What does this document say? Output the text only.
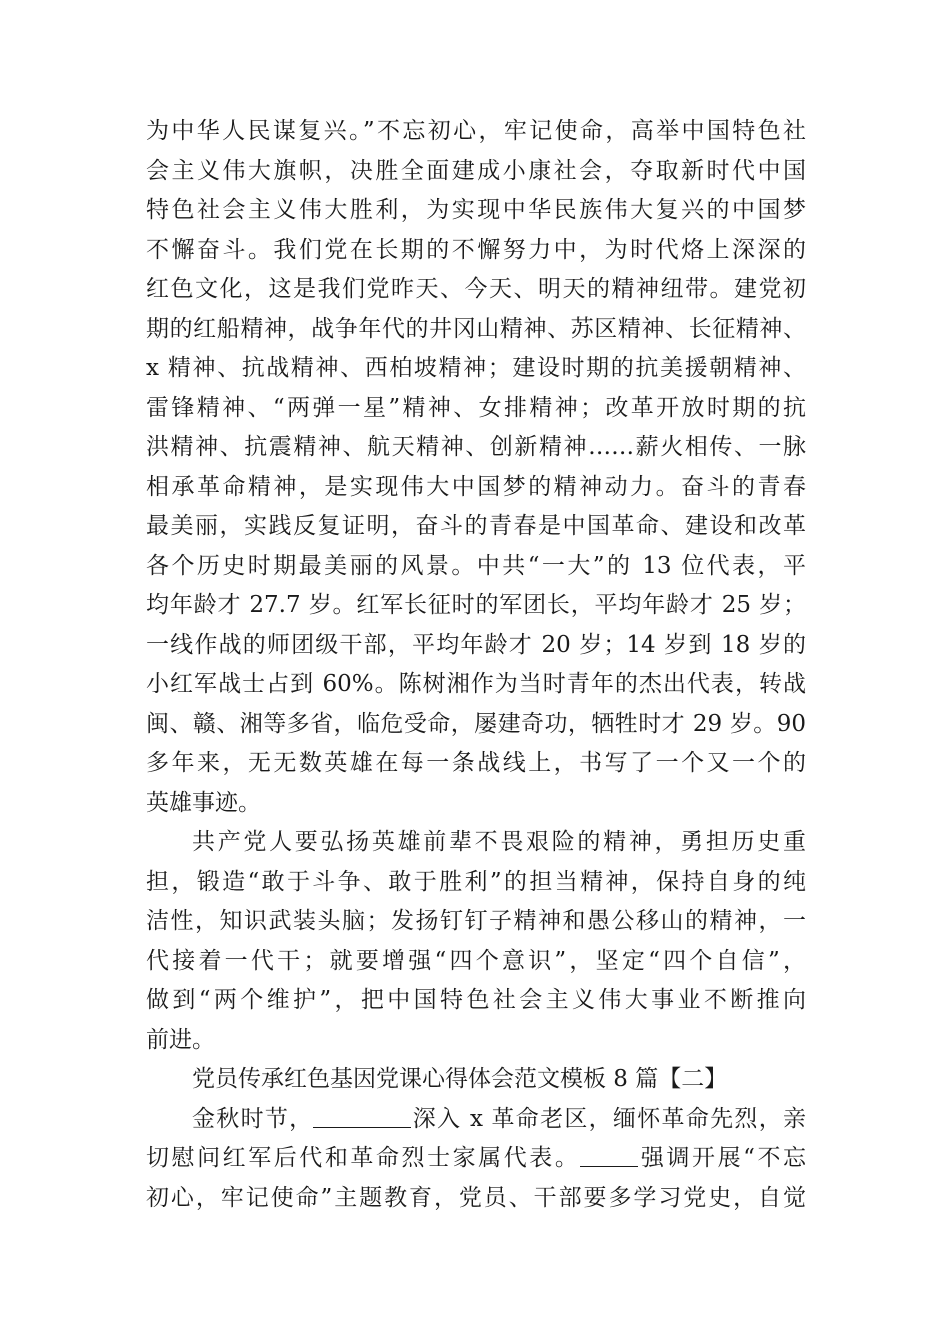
为中华人民谋复兴。”不忘初心，牢记使命，高举中国特色社
会主义伟大旗帜，决胜全面建成小康社会，夺取新时代中国
特色社会主义伟大胜利，为实现中华民族伟大复兴的中国梦
不懈奋斗。我们党在长期的不懈努力中，为时代烙上深深的
红色文化，这是我们党昨天、今天、明天的精神纽带。建党初
期的红船精神，战争年代的井冈山精神、苏区精神、长征精神、
x 精神、抗战精神、西柏坡精神；建设时期的抗美援朝精神、
雷锋精神、“两弹一星”精神、女排精神；改革开放时期的抗
洪精神、抗震精神、航天精神、创新精神……薪火相传、一脉
相承革命精神，是实现伟大中国梦的精神动力。奋斗的青春
最美丽，实践反复证明，奋斗的青春是中国革命、建设和改革
各个历史时期最美丽的风景。中共“一大”的 13 位代表，平
均年龄才 27.7 岁。红军长征时的军团长，平均年龄才 25 岁；
一线作战的师团级干部，平均年龄才 20 岁；14 岁到 18 岁的
小红军战士占到 60%。陈树湘作为当时青年的杰出代表，转战
闽、赣、湘等多省，临危受命，屡建奇功，牺牲时才 29 岁。90
多年来，无无数英雄在每一条战线上，书写了一个又一个的
英雄事迹。
共产党人要弘扬英雄前辈不畏艰险的精神，勇担历史重
担，锻造“敢于斗争、敢于胜利”的担当精神，保持自身的纯
洁性，知识武装头脑；发扬钉钉子精神和愚公移山的精神，一
代接着一代干；就要增强“四个意识”，坚定“四个自信”，
做到“两个维护”，把中国特色社会主义伟大事业不断推向
前进。
党员传承红色基因党课心得体会范文模板 8 篇【二】
金秋时节，	深入 x 革命老区，缅怀革命先烈，亲
切慰问红军后代和革命烈士家属代表。	强调开展“不忘
初心，牢记使命”主题教育，党员、干部要多学习党史，自觉
